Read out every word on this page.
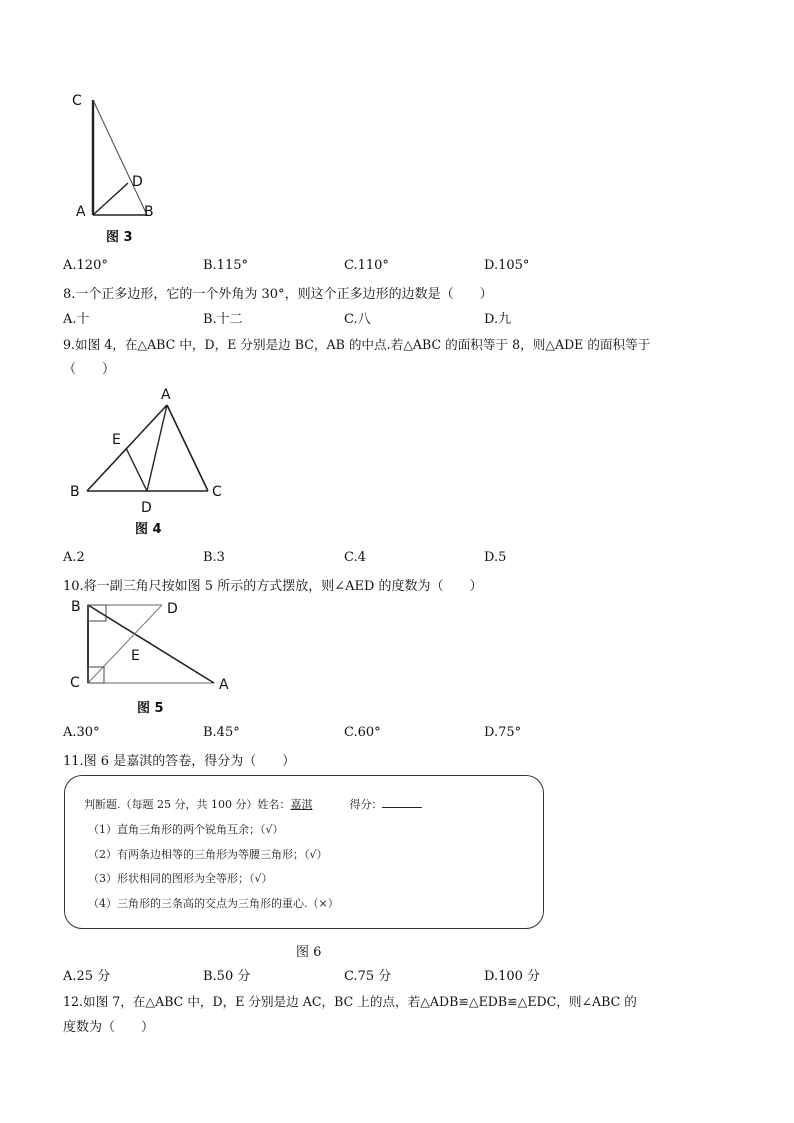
C
D
A	B
图 3
A.120°	B.115°	C.110°	D.105°
8.一个正多边形，它的一个外角为 30°，则这个正多边形的边数是（　　）
A.十	B.十二	C.八	D.九
9.如图 4，在△ABC 中，D，E 分别是边 BC，AB 的中点.若△ABC 的面积等于 8，则△ADE 的面积等于
（　　）
A
E
B
D
C
图 4
A.2	B.3	C.4	D.5
10.将一副三角尺按如图 5 所示的方式摆放，则∠AED 的度数为（　　）
B	D
E
C	A
图 5
A.30°	B.45°	C.60°	D.75°
11.图 6 是嘉淇的答卷，得分为（　　）
判断题.（每题 25 分，共 100 分）姓名：嘉淇	得分：
（1）直角三角形的两个锐角互余；（√）
（2）有两条边相等的三角形为等腰三角形；（√）
（3）形状相同的图形为全等形；（√）
（4）三角形的三条高的交点为三角形的重心.（×）
图 6
A.25 分	B.50 分	C.75 分	D.100 分
12.如图 7，在△ABC 中，D，E 分别是边 AC，BC 上的点，若△ADB≌△EDB≌△EDC，则∠ABC 的
度数为（　　）
